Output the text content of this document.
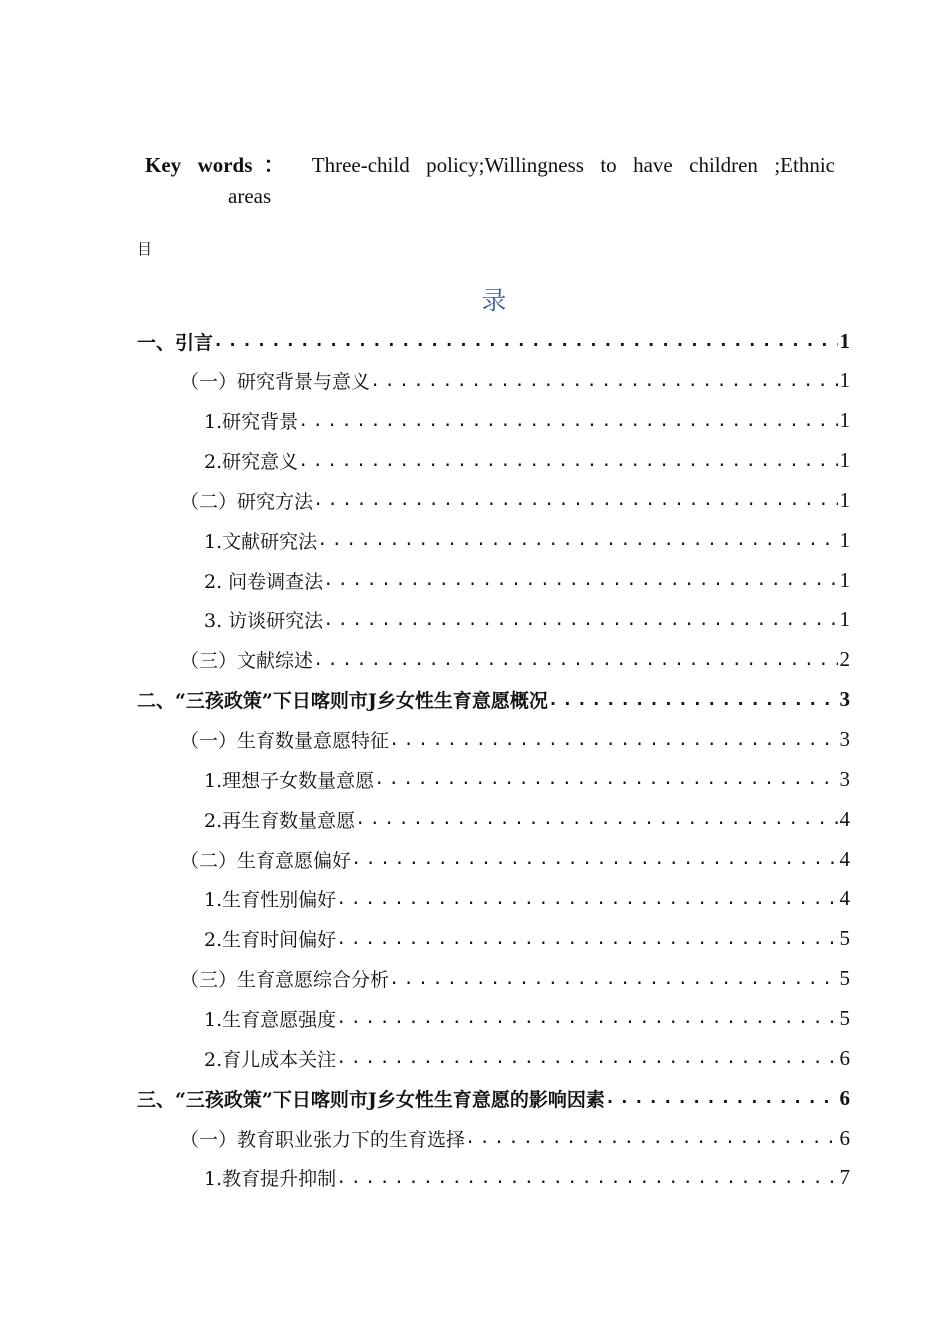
Key words： Three-child policy;Willingness to have children ;Ethnic
areas
目
录
一、引言 .....	1
（一）研究背景与意义 .....	1
1.研究背景 .....	1
2.研究意义 .....	1
（二）研究方法 .....	1
1.文献研究法 .....	1
2. 问卷调查法 .....	1
3. 访谈研究法 .....	1
（三）文献综述 .....	2
二、“三孩政策”下日喀则市J乡女性生育意愿概况 .....	3
（一）生育数量意愿特征 .....	3
1.理想子女数量意愿 .....	3
2.再生育数量意愿 .....	4
（二）生育意愿偏好 .....	4
1.生育性别偏好 .....	4
2.生育时间偏好 .....	5
（三）生育意愿综合分析 .....	5
1.生育意愿强度 .....	5
2.育儿成本关注 .....	6
三、“三孩政策”下日喀则市J乡女性生育意愿的影响因素 .....	6
（一）教育职业张力下的生育选择 .....	6
1.教育提升抑制 .....	7
